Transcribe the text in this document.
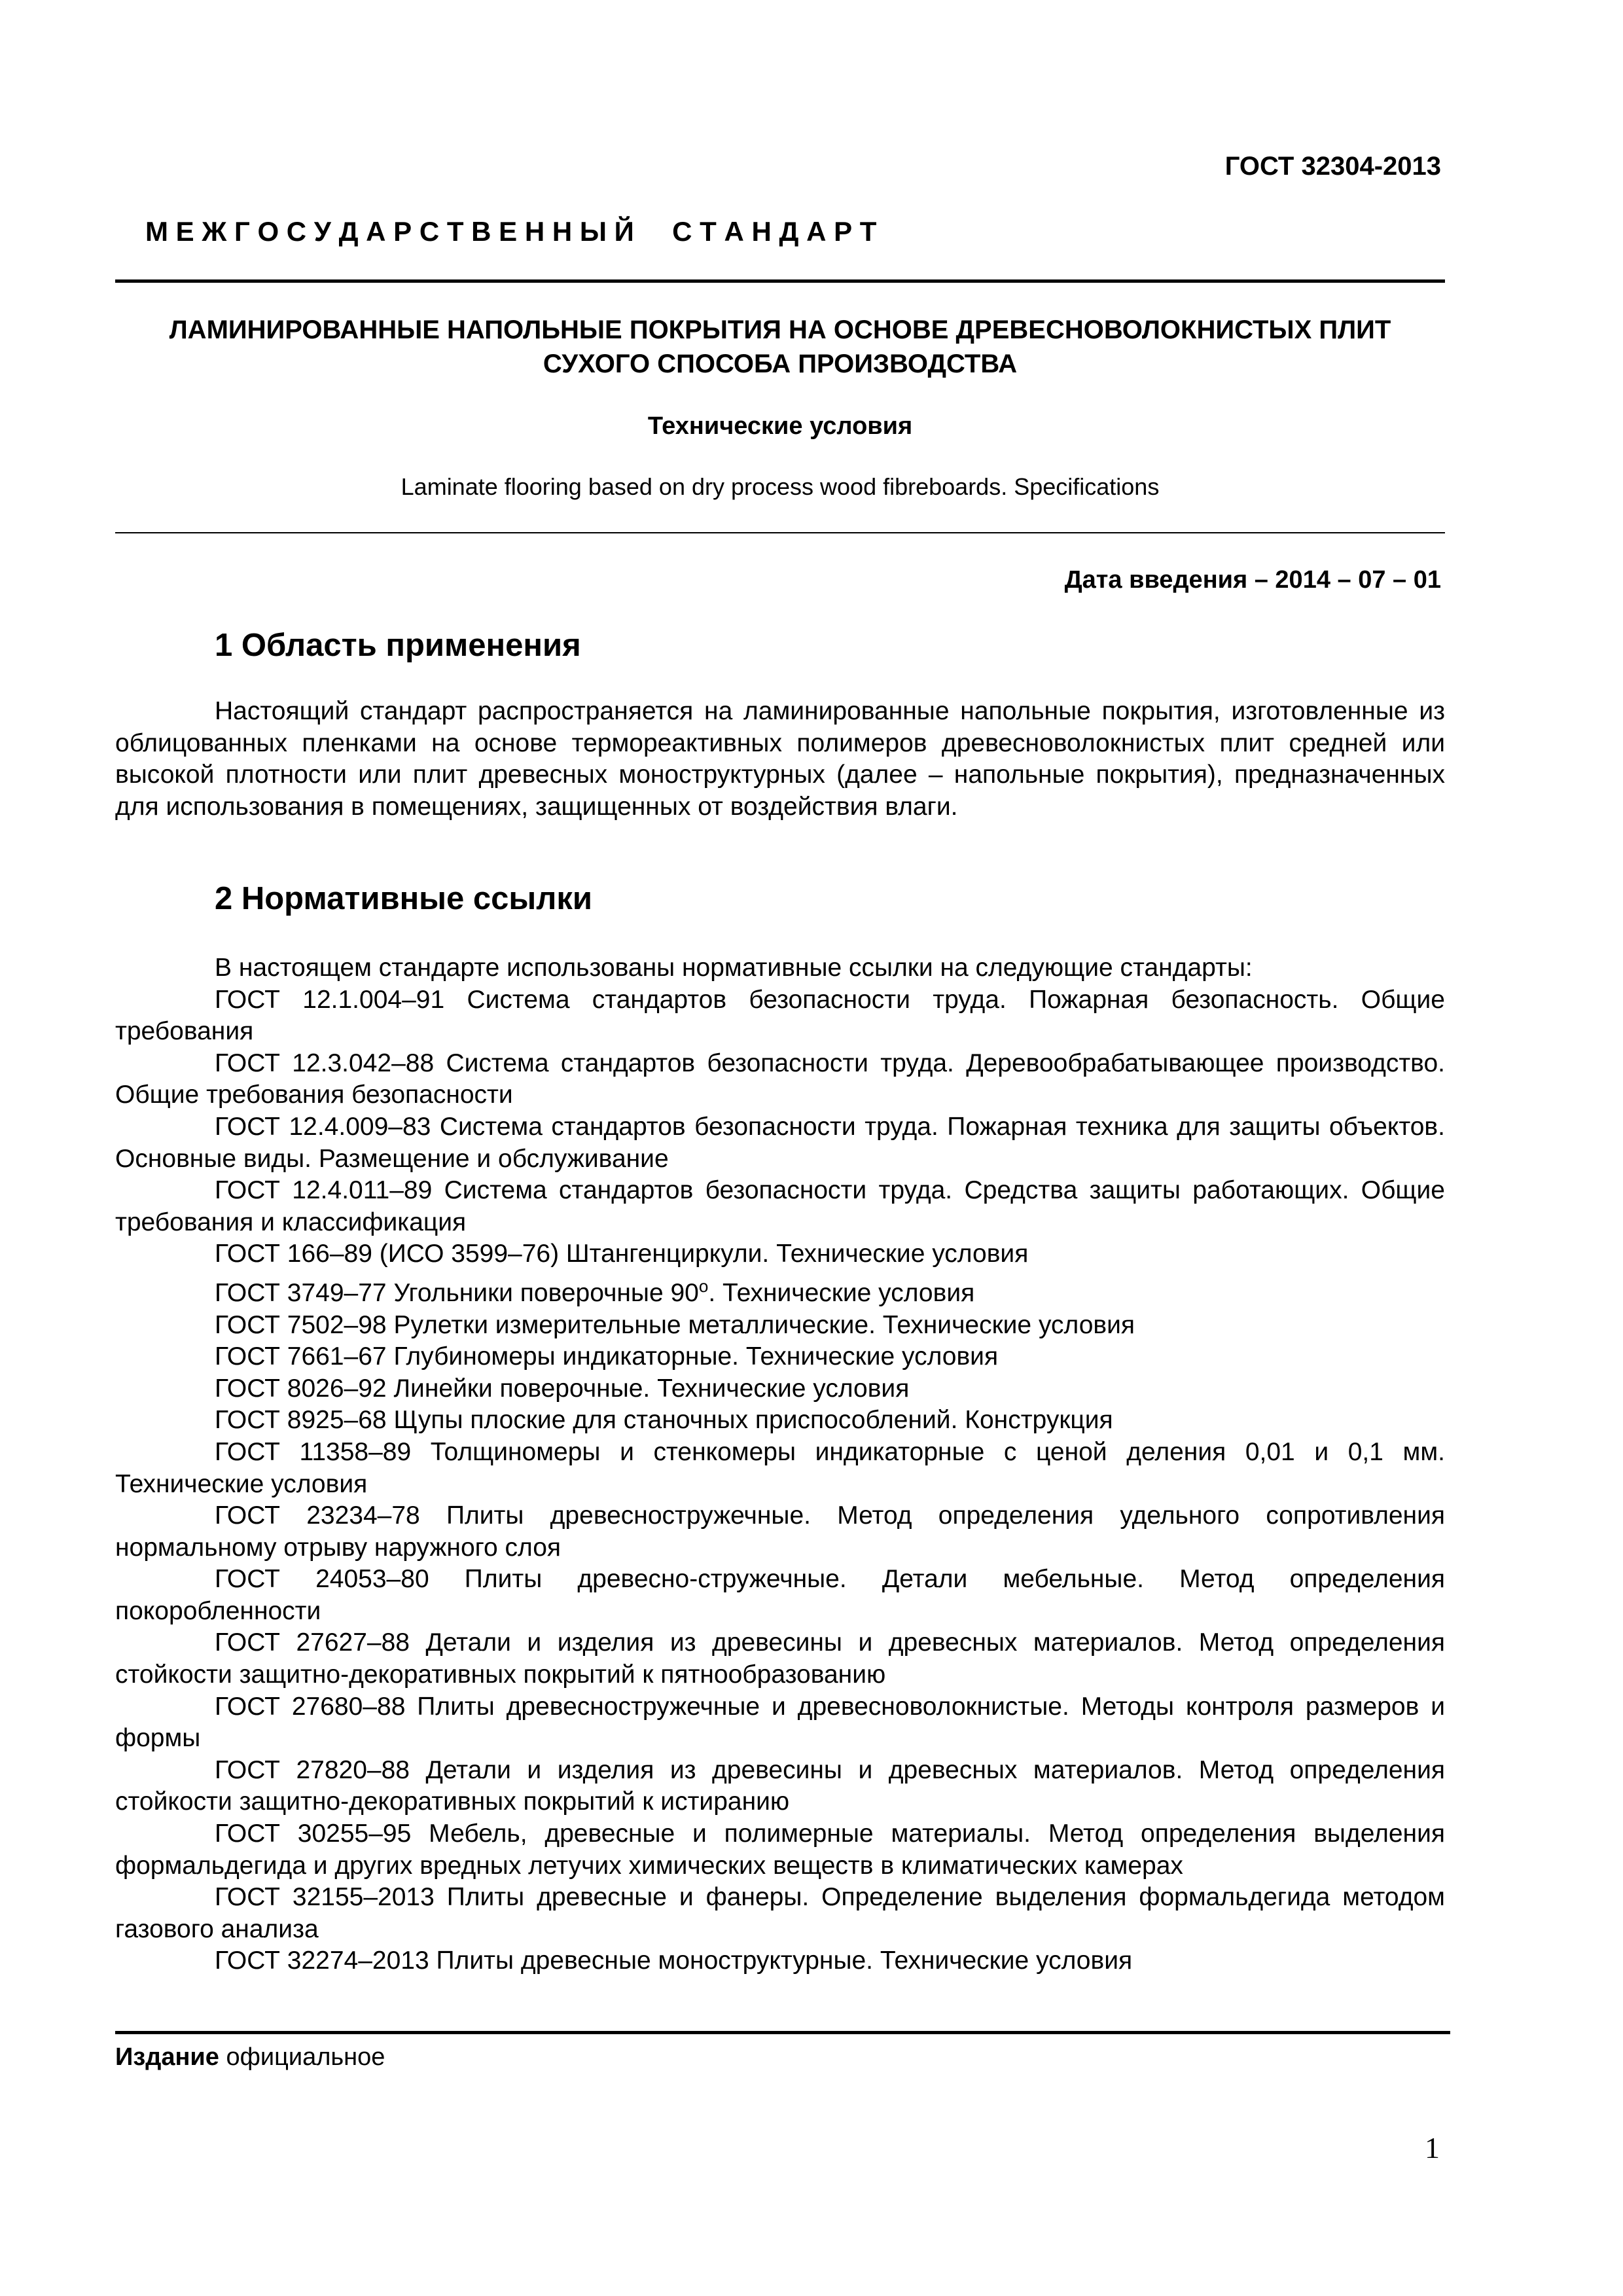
ГОСТ 32304-2013
М Е Ж Г О С У Д А Р С Т В Е Н Н Ы Й     С Т А Н Д А Р Т
ЛАМИНИРОВАННЫЕ НАПОЛЬНЫЕ ПОКРЫТИЯ НА ОСНОВЕ ДРЕВЕСНОВОЛОКНИСТЫХ ПЛИТ
СУХОГО СПОСОБА ПРОИЗВОДСТВА
Технические условия
Laminate flooring based on dry process wood fibreboards. Specifications
Дата введения – 2014 – 07 – 01
1 Область применения
Настоящий стандарт распространяется на ламинированные напольные покрытия, изготовленные из облицованных пленками на основе термореактивных полимеров древесноволокнистых плит средней или высокой плотности или плит древесных моноструктурных (далее – напольные покрытия), предназначенных для использования в помещениях, защищенных от воздействия влаги.
2 Нормативные ссылки

В настоящем стандарте использованы нормативные ссылки на следующие стандарты:

ГОСТ 12.1.004–91 Система стандартов безопасности труда. Пожарная безопасность. Общие требования

ГОСТ 12.3.042–88 Система стандартов безопасности труда. Деревообрабатывающее производство. Общие требования безопасности

ГОСТ 12.4.009–83 Система стандартов безопасности труда. Пожарная техника для защиты объектов. Основные виды. Размещение и обслуживание

ГОСТ 12.4.011–89 Система стандартов безопасности труда. Средства защиты работающих. Общие требования и классификация

ГОСТ 166–89 (ИСО 3599–76) Штангенциркули. Технические условия

ГОСТ 3749–77 Угольники поверочные $90^о$. Технические условия

ГОСТ 7502–98 Рулетки измерительные металлические. Технические условия

ГОСТ 7661–67 Глубиномеры индикаторные. Технические условия

ГОСТ 8026–92 Линейки поверочные. Технические условия

ГОСТ 8925–68 Щупы плоские для станочных приспособлений. Конструкция

ГОСТ 11358–89 Толщиномеры и стенкомеры индикаторные с ценой деления 0,01 и 0,1 мм. Технические условия

ГОСТ 23234–78 Плиты древесностружечные. Метод определения удельного сопротивления нормальному отрыву наружного слоя

ГОСТ 24053–80 Плиты древесно-стружечные. Детали мебельные. Метод определения покоробленности

ГОСТ 27627–88 Детали и изделия из древесины и древесных материалов. Метод определения стойкости защитно-декоративных покрытий к пятнообразованию

ГОСТ 27680–88 Плиты древесностружечные и древесноволокнистые. Методы контроля размеров и формы

ГОСТ 27820–88 Детали и изделия из древесины и древесных материалов. Метод определения стойкости защитно-декоративных покрытий к истиранию

ГОСТ 30255–95 Мебель, древесные и полимерные материалы. Метод определения выделения формальдегида и других вредных летучих химических веществ в климатических камерах

ГОСТ 32155–2013 Плиты древесные и фанеры. Определение выделения формальдегида методом газового анализа

ГОСТ 32274–2013 Плиты древесные моноструктурные. Технические условия

Издание официальное
1
